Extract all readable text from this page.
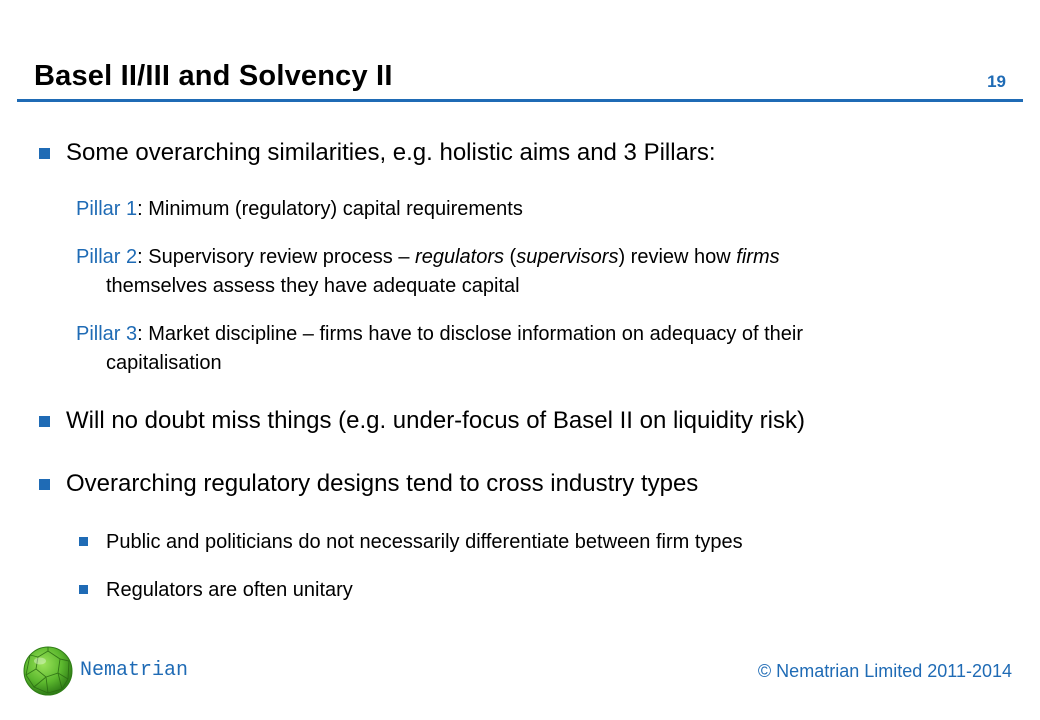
Basel II/III and Solvency II	19
Some overarching similarities, e.g. holistic aims and 3 Pillars:
Pillar 1: Minimum (regulatory) capital requirements
Pillar 2: Supervisory review process – regulators (supervisors) review how firms
themselves assess they have adequate capital
Pillar 3: Market discipline – firms have to disclose information on adequacy of their
capitalisation
Will no doubt miss things (e.g. under-focus of Basel II on liquidity risk)
Overarching regulatory designs tend to cross industry types
Public and politicians do not necessarily differentiate between firm types
Regulators are often unitary
Nematrian	© Nematrian Limited 2011-2014
